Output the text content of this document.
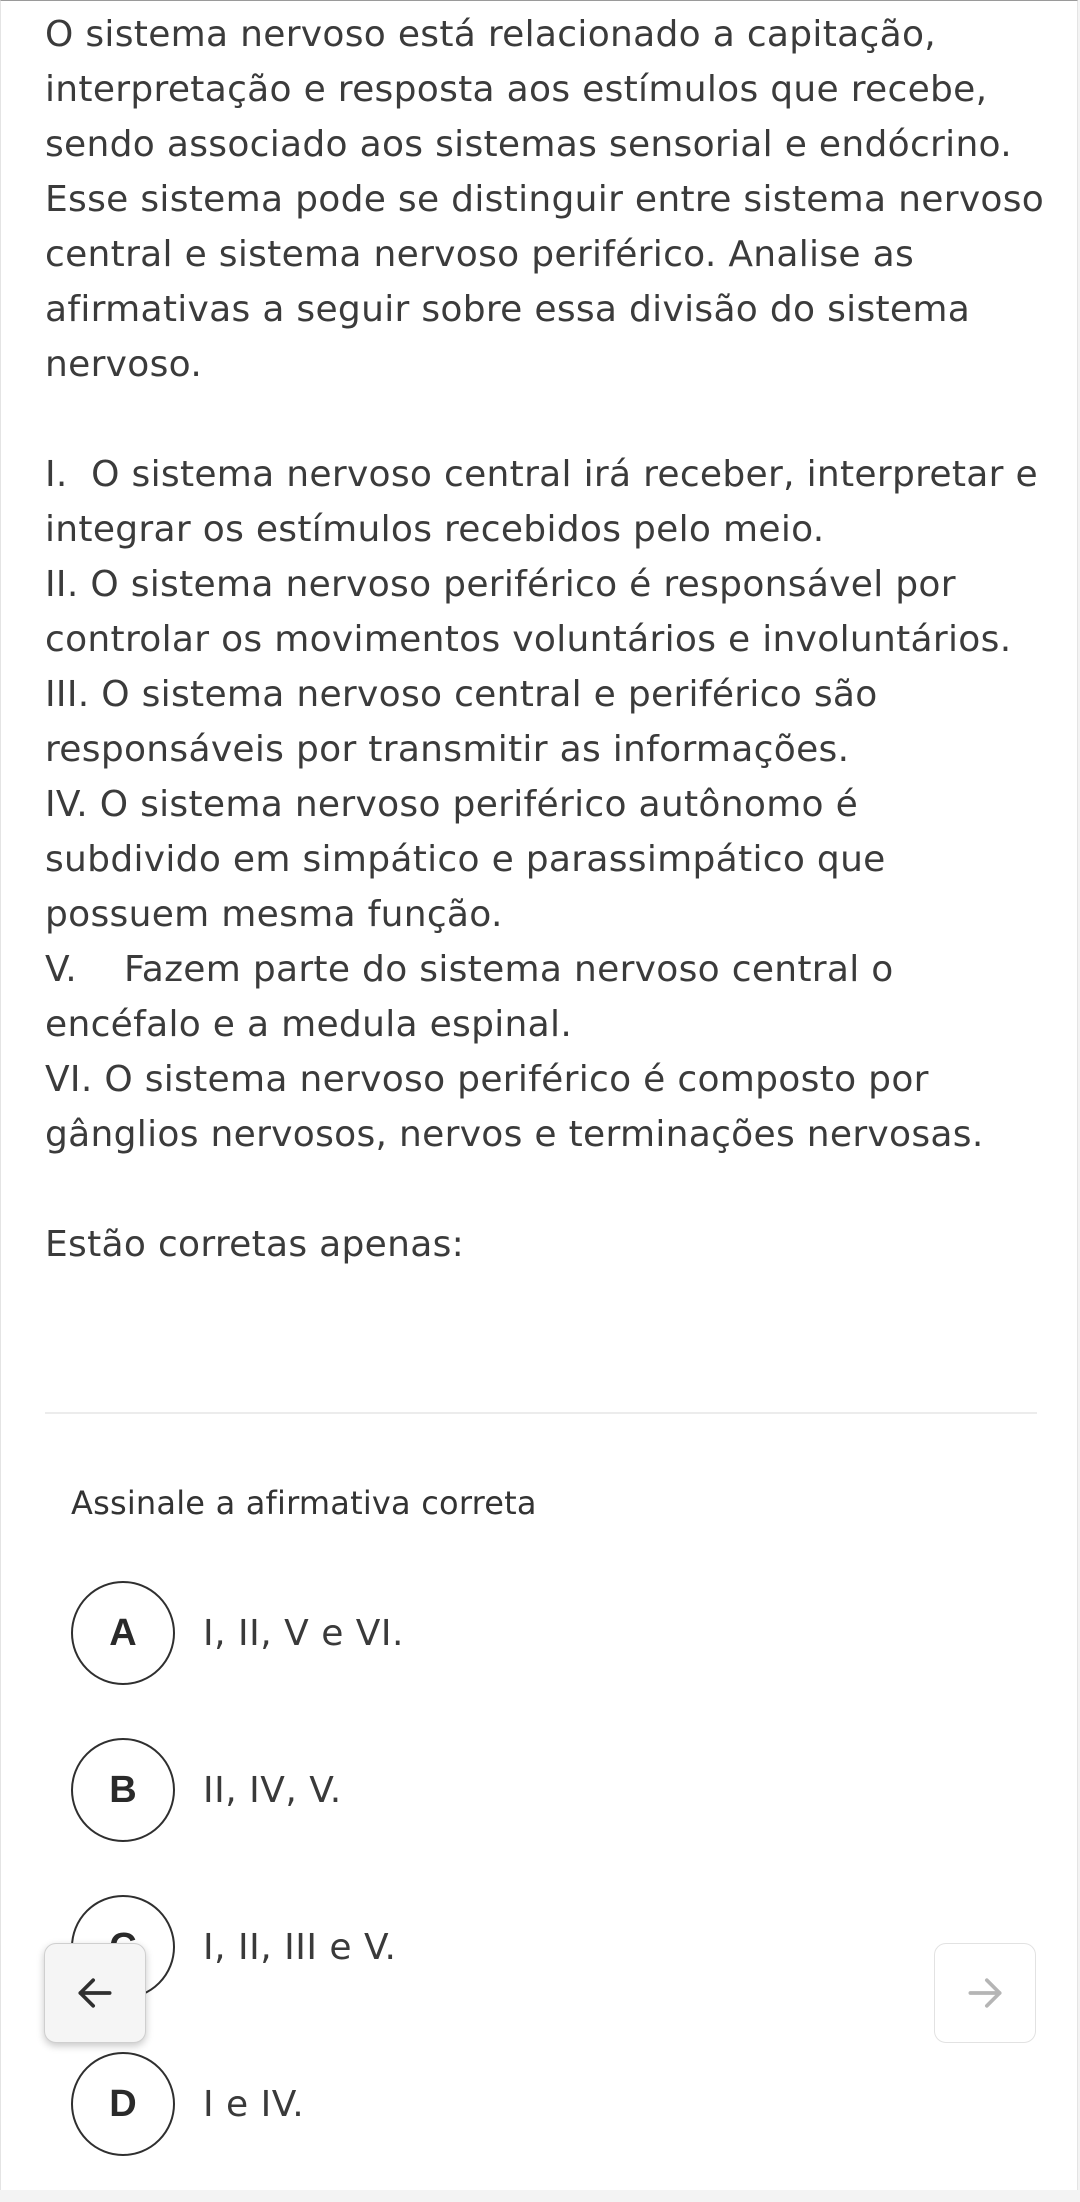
O sistema nervoso está relacionado a capitação, interpretação e resposta aos estímulos que recebe, sendo associado aos sistemas sensorial e endócrino. Esse sistema pode se distinguir entre sistema nervoso central e sistema nervoso periférico. Analise as afirmativas a seguir sobre essa divisão do sistema nervoso.

I.  O sistema nervoso central irá receber, interpretar e integrar os estímulos recebidos pelo meio.

II. O sistema nervoso periférico é responsável por controlar os movimentos voluntários e involuntários.

III. O sistema nervoso central e periférico são responsáveis por transmitir as informações.

IV. O sistema nervoso periférico autônomo é subdivido em simpático e parassimpático que possuem mesma função.

V.    Fazem parte do sistema nervoso central o encéfalo e a medula espinal.

VI. O sistema nervoso periférico é composto por gânglios nervosos, nervos e terminações nervosas.

Estão corretas apenas:

Assinale a afirmativa correta
A	I, II, V e VI.
B	II, IV, V.
I, II, III e V.
D	I e IV.
